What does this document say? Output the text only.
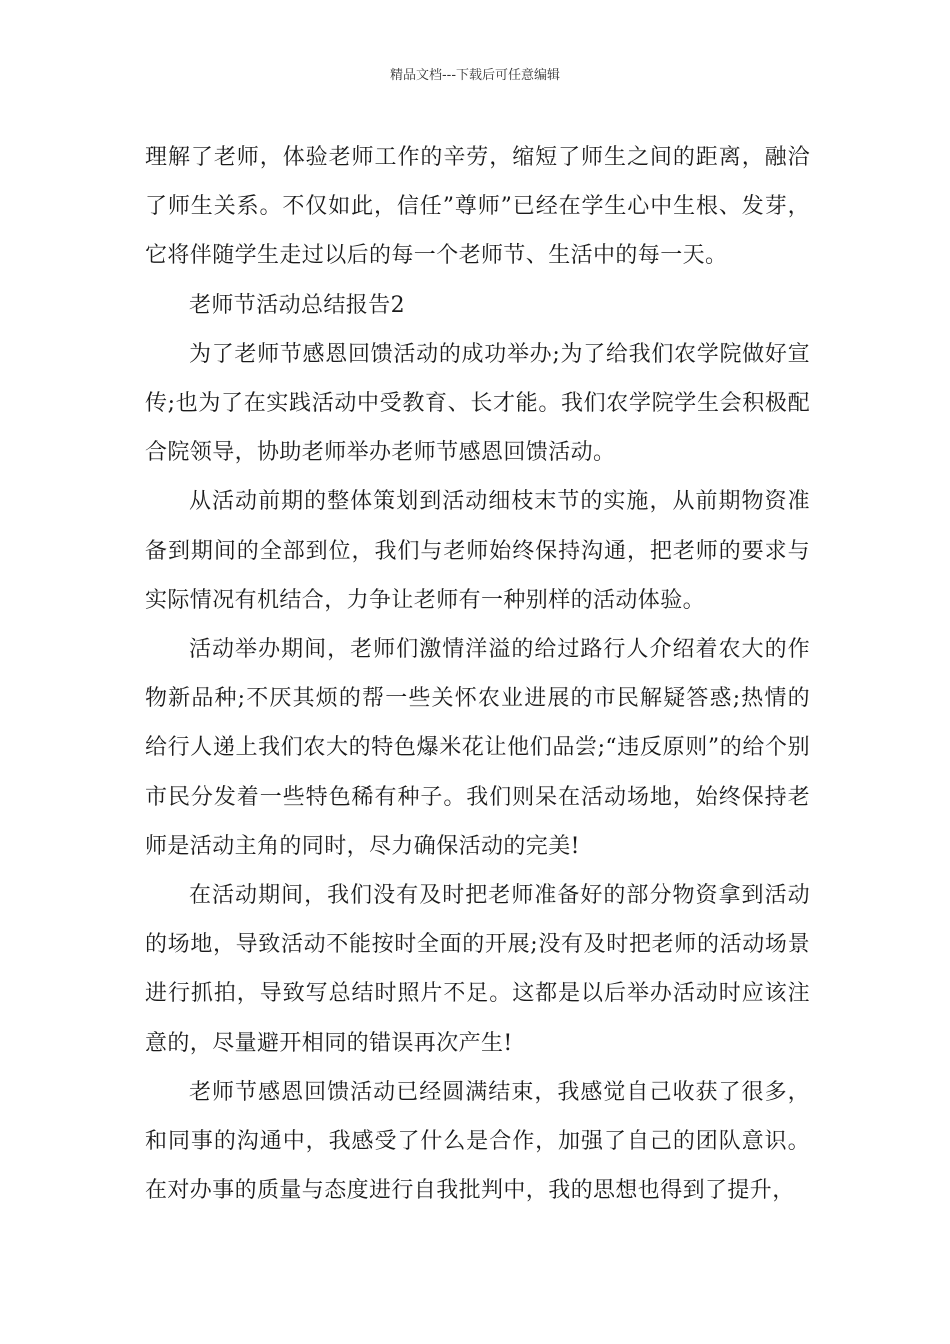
精品文档---下载后可任意编辑

理解了老师，体验老师工作的辛劳，缩短了师生之间的距离，融洽了师生关系。不仅如此，信任”尊师”已经在学生心中生根、发芽，它将伴随学生走过以后的每一个老师节、生活中的每一天。

老师节活动总结报告2

为了老师节感恩回馈活动的成功举办;为了给我们农学院做好宣传;也为了在实践活动中受教育、长才能。我们农学院学生会积极配合院领导，协助老师举办老师节感恩回馈活动。

从活动前期的整体策划到活动细枝末节的实施，从前期物资准备到期间的全部到位，我们与老师始终保持沟通，把老师的要求与实际情况有机结合，力争让老师有一种别样的活动体验。

活动举办期间，老师们激情洋溢的给过路行人介绍着农大的作物新品种;不厌其烦的帮一些关怀农业进展的市民解疑答惑;热情的给行人递上我们农大的特色爆米花让他们品尝;“违反原则”的给个别市民分发着一些特色稀有种子。我们则呆在活动场地，始终保持老师是活动主角的同时，尽力确保活动的完美!

在活动期间，我们没有及时把老师准备好的部分物资拿到活动的场地，导致活动不能按时全面的开展;没有及时把老师的活动场景进行抓拍，导致写总结时照片不足。这都是以后举办活动时应该注意的，尽量避开相同的错误再次产生!

老师节感恩回馈活动已经圆满结束，我感觉自己收获了很多，和同事的沟通中，我感受了什么是合作，加强了自己的团队意识。在对办事的质量与态度进行自我批判中，我的思想也得到了提升，
